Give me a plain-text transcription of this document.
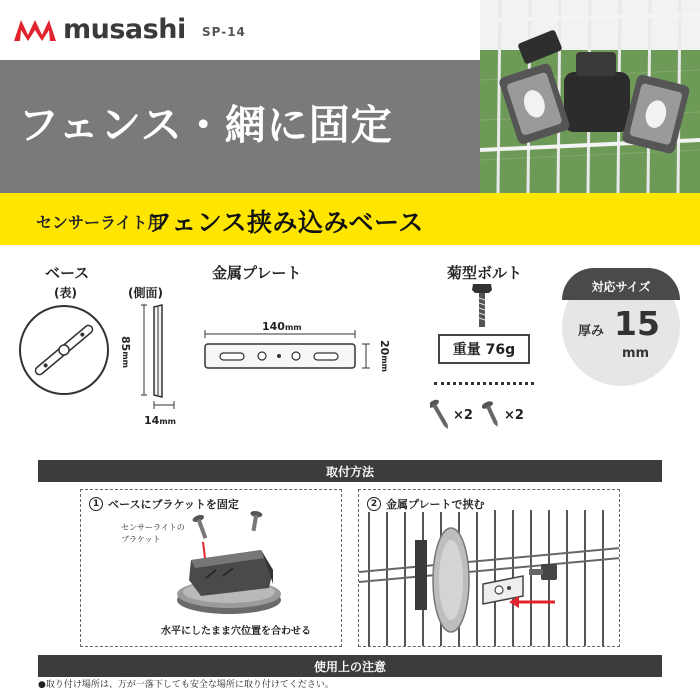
musashi SP-14
フェンス・網に固定
センサーライト用
フェンス挟み込みベース
ベース
(表)	(側面)
85mm
14mm
金属プレート
140mm
20mm
菊型ボルト
重量 76g
×2 ×2
対応サイズ
厚み 15
mm
取付方法
1 ベースにブラケットを固定
センサーライトの
ブラケット
水平にしたまま穴位置を合わせる
2 金属プレートで挟む
使用上の注意
●取り付け場所は、万が一落下しても安全な場所に取り付けてください。
